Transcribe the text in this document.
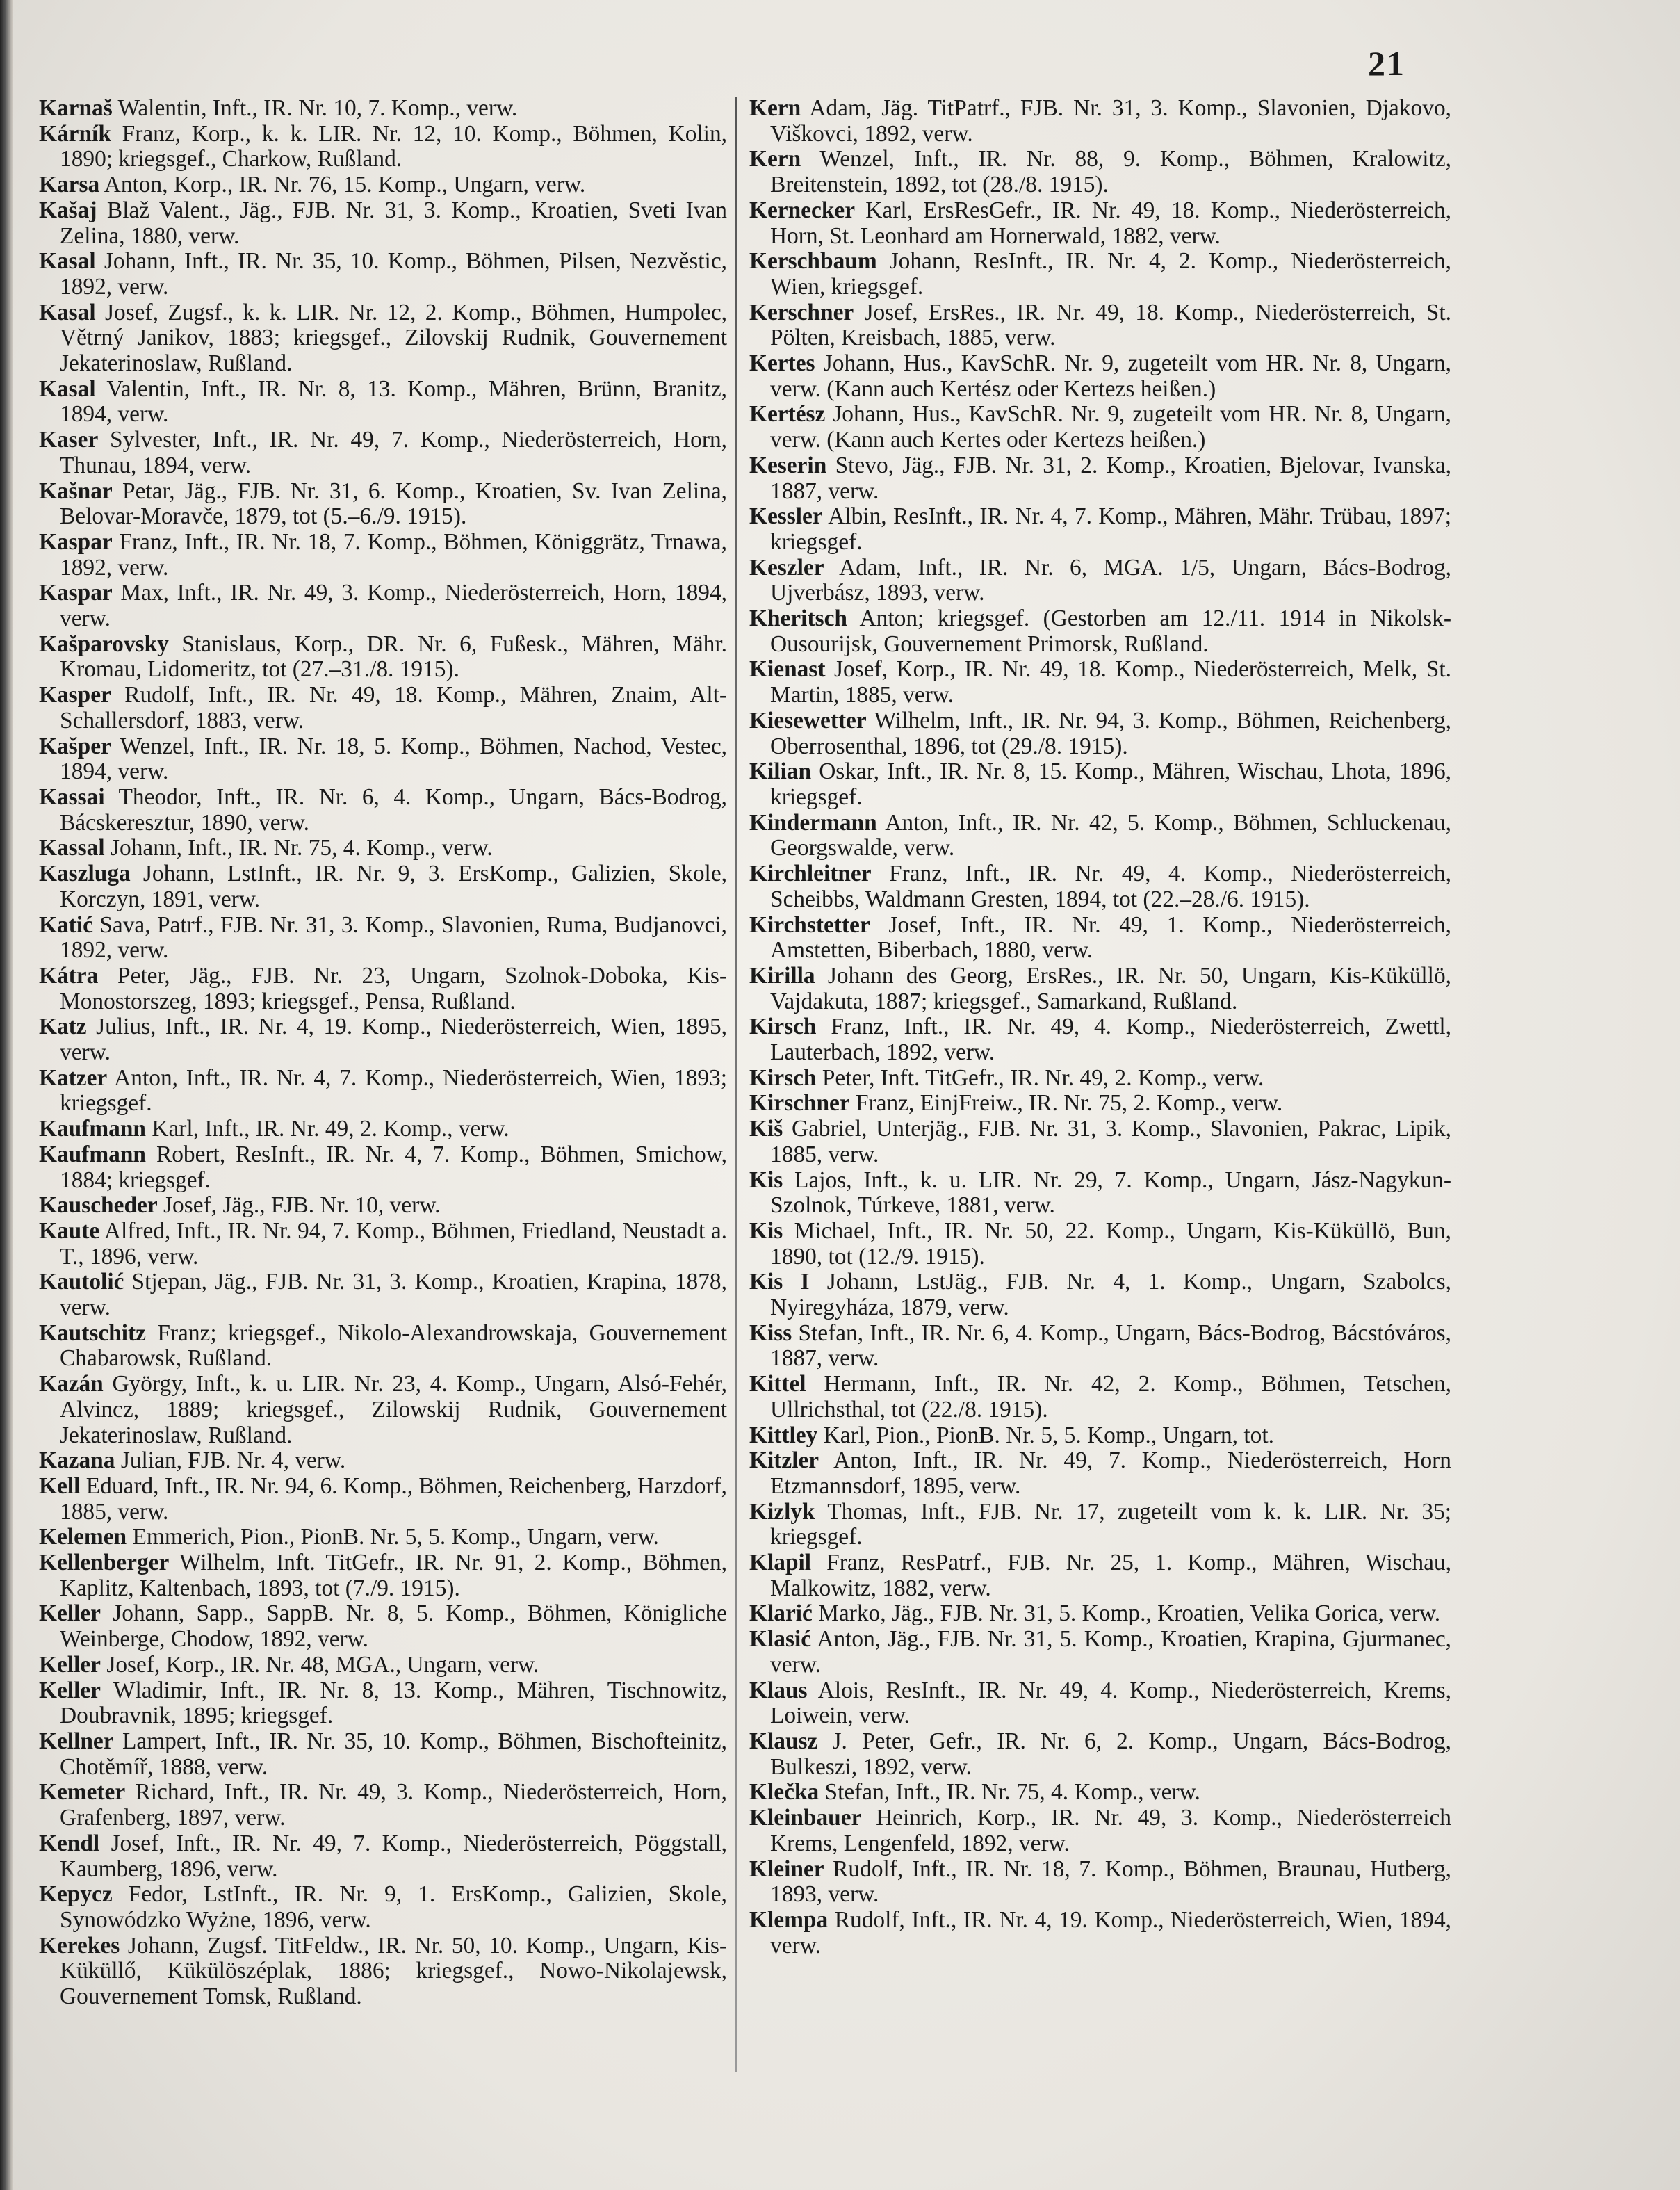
21

Karnaš Walentin, Inft., IR. Nr. 10, 7. Komp., verw.

Kárník Franz, Korp., k. k. LIR. Nr. 12, 10. Komp., Böhmen, Kolin, 1890; kriegsgef., Charkow, Rußland.

Karsa Anton, Korp., IR. Nr. 76, 15. Komp., Ungarn, verw.

Kašaj Blaž Valent., Jäg., FJB. Nr. 31, 3. Komp., Kroatien, Sveti Ivan Zelina, 1880, verw.

Kasal Johann, Inft., IR. Nr. 35, 10. Komp., Böhmen, Pilsen, Nezvěstic, 1892, verw.

Kasal Josef, Zugsf., k. k. LIR. Nr. 12, 2. Komp., Böhmen, Humpolec, Větrný Janikov, 1883; kriegsgef., Zilovskij Rudnik, Gouvernement Jekaterinoslaw, Rußland.

Kasal Valentin, Inft., IR. Nr. 8, 13. Komp., Mähren, Brünn, Branitz, 1894, verw.

Kaser Sylvester, Inft., IR. Nr. 49, 7. Komp., Niederösterreich, Horn, Thunau, 1894, verw.

Kašnar Petar, Jäg., FJB. Nr. 31, 6. Komp., Kroatien, Sv. Ivan Zelina, Belovar-Moravče, 1879, tot (5.–6./9. 1915).

Kaspar Franz, Inft., IR. Nr. 18, 7. Komp., Böhmen, Königgrätz, Trnawa, 1892, verw.

Kaspar Max, Inft., IR. Nr. 49, 3. Komp., Niederösterreich, Horn, 1894, verw.

Kašparovsky Stanislaus, Korp., DR. Nr. 6, Fußesk., Mähren, Mähr. Kromau, Lidomeritz, tot (27.–31./8. 1915).

Kasper Rudolf, Inft., IR. Nr. 49, 18. Komp., Mähren, Znaim, Alt-Schallersdorf, 1883, verw.

Kašper Wenzel, Inft., IR. Nr. 18, 5. Komp., Böhmen, Nachod, Vestec, 1894, verw.

Kassai Theodor, Inft., IR. Nr. 6, 4. Komp., Ungarn, Bács-Bodrog, Bácskeresztur, 1890, verw.

Kassal Johann, Inft., IR. Nr. 75, 4. Komp., verw.

Kaszluga Johann, LstInft., IR. Nr. 9, 3. ErsKomp., Galizien, Skole, Korczyn, 1891, verw.

Katić Sava, Patrf., FJB. Nr. 31, 3. Komp., Slavonien, Ruma, Budjanovci, 1892, verw.

Kátra Peter, Jäg., FJB. Nr. 23, Ungarn, Szolnok-Doboka, Kis-Monostorszeg, 1893; kriegsgef., Pensa, Rußland.

Katz Julius, Inft., IR. Nr. 4, 19. Komp., Niederösterreich, Wien, 1895, verw.

Katzer Anton, Inft., IR. Nr. 4, 7. Komp., Niederösterreich, Wien, 1893; kriegsgef.

Kaufmann Karl, Inft., IR. Nr. 49, 2. Komp., verw.

Kaufmann Robert, ResInft., IR. Nr. 4, 7. Komp., Böhmen, Smichow, 1884; kriegsgef.

Kauscheder Josef, Jäg., FJB. Nr. 10, verw.

Kaute Alfred, Inft., IR. Nr. 94, 7. Komp., Böhmen, Friedland, Neustadt a. T., 1896, verw.

Kautolić Stjepan, Jäg., FJB. Nr. 31, 3. Komp., Kroatien, Krapina, 1878, verw.

Kautschitz Franz; kriegsgef., Nikolo-Alexandrowskaja, Gouvernement Chabarowsk, Rußland.

Kazán György, Inft., k. u. LIR. Nr. 23, 4. Komp., Ungarn, Alsó-Fehér, Alvincz, 1889; kriegsgef., Zilowskij Rudnik, Gouvernement Jekaterinoslaw, Rußland.

Kazana Julian, FJB. Nr. 4, verw.

Kell Eduard, Inft., IR. Nr. 94, 6. Komp., Böhmen, Reichenberg, Harzdorf, 1885, verw.

Kelemen Emmerich, Pion., PionB. Nr. 5, 5. Komp., Ungarn, verw.

Kellenberger Wilhelm, Inft. TitGefr., IR. Nr. 91, 2. Komp., Böhmen, Kaplitz, Kaltenbach, 1893, tot (7./9. 1915).

Keller Johann, Sapp., SappB. Nr. 8, 5. Komp., Böhmen, Königliche Weinberge, Chodow, 1892, verw.

Keller Josef, Korp., IR. Nr. 48, MGA., Ungarn, verw.

Keller Wladimir, Inft., IR. Nr. 8, 13. Komp., Mähren, Tischnowitz, Doubravnik, 1895; kriegsgef.

Kellner Lampert, Inft., IR. Nr. 35, 10. Komp., Böhmen, Bischofteinitz, Chotěmíř, 1888, verw.

Kemeter Richard, Inft., IR. Nr. 49, 3. Komp., Niederösterreich, Horn, Grafenberg, 1897, verw.

Kendl Josef, Inft., IR. Nr. 49, 7. Komp., Niederösterreich, Pöggstall, Kaumberg, 1896, verw.

Kepycz Fedor, LstInft., IR. Nr. 9, 1. ErsKomp., Galizien, Skole, Synowódzko Wyżne, 1896, verw.

Kerekes Johann, Zugsf. TitFeldw., IR. Nr. 50, 10. Komp., Ungarn, Kis-Küküllő, Kükülöszéplak, 1886; kriegsgef., Nowo-Nikolajewsk, Gouvernement Tomsk, Rußland.

Kern Adam, Jäg. TitPatrf., FJB. Nr. 31, 3. Komp., Slavonien, Djakovo, Viškovci, 1892, verw.

Kern Wenzel, Inft., IR. Nr. 88, 9. Komp., Böhmen, Kralowitz, Breitenstein, 1892, tot (28./8. 1915).

Kernecker Karl, ErsResGefr., IR. Nr. 49, 18. Komp., Niederösterreich, Horn, St. Leonhard am Hornerwald, 1882, verw.

Kerschbaum Johann, ResInft., IR. Nr. 4, 2. Komp., Niederösterreich, Wien, kriegsgef.

Kerschner Josef, ErsRes., IR. Nr. 49, 18. Komp., Niederösterreich, St. Pölten, Kreisbach, 1885, verw.

Kertes Johann, Hus., KavSchR. Nr. 9, zugeteilt vom HR. Nr. 8, Ungarn, verw. (Kann auch Kertész oder Kertezs heißen.)

Kertész Johann, Hus., KavSchR. Nr. 9, zugeteilt vom HR. Nr. 8, Ungarn, verw. (Kann auch Kertes oder Kertezs heißen.)

Keserin Stevo, Jäg., FJB. Nr. 31, 2. Komp., Kroatien, Bjelovar, Ivanska, 1887, verw.

Kessler Albin, ResInft., IR. Nr. 4, 7. Komp., Mähren, Mähr. Trübau, 1897; kriegsgef.

Keszler Adam, Inft., IR. Nr. 6, MGA. 1/5, Ungarn, Bács-Bodrog, Ujverbász, 1893, verw.

Kheritsch Anton; kriegsgef. (Gestorben am 12./11. 1914 in Nikolsk-Ousourijsk, Gouvernement Primorsk, Rußland.

Kienast Josef, Korp., IR. Nr. 49, 18. Komp., Niederösterreich, Melk, St. Martin, 1885, verw.

Kiesewetter Wilhelm, Inft., IR. Nr. 94, 3. Komp., Böhmen, Reichenberg, Oberrosenthal, 1896, tot (29./8. 1915).

Kilian Oskar, Inft., IR. Nr. 8, 15. Komp., Mähren, Wischau, Lhota, 1896, kriegsgef.

Kindermann Anton, Inft., IR. Nr. 42, 5. Komp., Böhmen, Schluckenau, Georgswalde, verw.

Kirchleitner Franz, Inft., IR. Nr. 49, 4. Komp., Niederösterreich, Scheibbs, Waldmann Gresten, 1894, tot (22.–28./6. 1915).

Kirchstetter Josef, Inft., IR. Nr. 49, 1. Komp., Niederösterreich, Amstetten, Biberbach, 1880, verw.

Kirilla Johann des Georg, ErsRes., IR. Nr. 50, Ungarn, Kis-Küküllö, Vajdakuta, 1887; kriegsgef., Samarkand, Rußland.

Kirsch Franz, Inft., IR. Nr. 49, 4. Komp., Niederösterreich, Zwettl, Lauterbach, 1892, verw.

Kirsch Peter, Inft. TitGefr., IR. Nr. 49, 2. Komp., verw.

Kirschner Franz, EinjFreiw., IR. Nr. 75, 2. Komp., verw.

Kiš Gabriel, Unterjäg., FJB. Nr. 31, 3. Komp., Slavonien, Pakrac, Lipik, 1885, verw.

Kis Lajos, Inft., k. u. LIR. Nr. 29, 7. Komp., Ungarn, Jász-Nagykun-Szolnok, Túrkeve, 1881, verw.

Kis Michael, Inft., IR. Nr. 50, 22. Komp., Ungarn, Kis-Küküllö, Bun, 1890, tot (12./9. 1915).

Kis I Johann, LstJäg., FJB. Nr. 4, 1. Komp., Ungarn, Szabolcs, Nyiregyháza, 1879, verw.

Kiss Stefan, Inft., IR. Nr. 6, 4. Komp., Ungarn, Bács-Bodrog, Bácstóváros, 1887, verw.

Kittel Hermann, Inft., IR. Nr. 42, 2. Komp., Böhmen, Tetschen, Ullrichsthal, tot (22./8. 1915).

Kittley Karl, Pion., PionB. Nr. 5, 5. Komp., Ungarn, tot.

Kitzler Anton, Inft., IR. Nr. 49, 7. Komp., Niederösterreich, Horn Etzmannsdorf, 1895, verw.

Kizlyk Thomas, Inft., FJB. Nr. 17, zugeteilt vom k. k. LIR. Nr. 35; kriegsgef.

Klapil Franz, ResPatrf., FJB. Nr. 25, 1. Komp., Mähren, Wischau, Malkowitz, 1882, verw.

Klarić Marko, Jäg., FJB. Nr. 31, 5. Komp., Kroatien, Velika Gorica, verw.

Klasić Anton, Jäg., FJB. Nr. 31, 5. Komp., Kroatien, Krapina, Gjurmanec, verw.

Klaus Alois, ResInft., IR. Nr. 49, 4. Komp., Niederösterreich, Krems, Loiwein, verw.

Klausz J. Peter, Gefr., IR. Nr. 6, 2. Komp., Ungarn, Bács-Bodrog, Bulkeszi, 1892, verw.

Klečka Stefan, Inft., IR. Nr. 75, 4. Komp., verw.

Kleinbauer Heinrich, Korp., IR. Nr. 49, 3. Komp., Niederösterreich Krems, Lengenfeld, 1892, verw.

Kleiner Rudolf, Inft., IR. Nr. 18, 7. Komp., Böhmen, Braunau, Hutberg, 1893, verw.

Klempa Rudolf, Inft., IR. Nr. 4, 19. Komp., Niederösterreich, Wien, 1894, verw.
